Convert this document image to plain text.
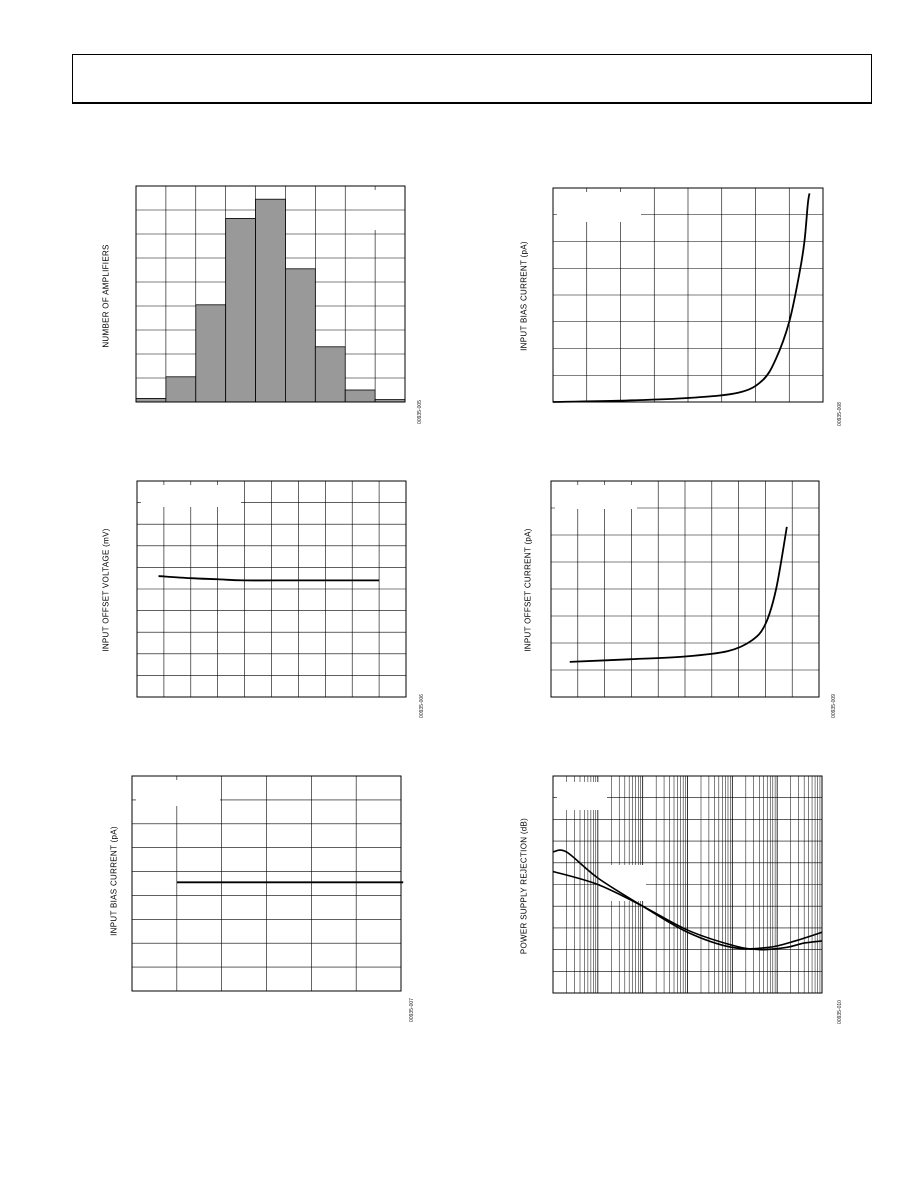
NUMBER OF AMPLIFIERS
00935-005
INPUT BIAS CURRENT (pA)
00935-008
INPUT OFFSET VOLTAGE (mV)
00935-006
INPUT OFFSET CURRENT (pA)
00935-009
INPUT BIAS CURRENT (pA)
00935-007
POWER SUPPLY REJECTION (dB)
00935-010
